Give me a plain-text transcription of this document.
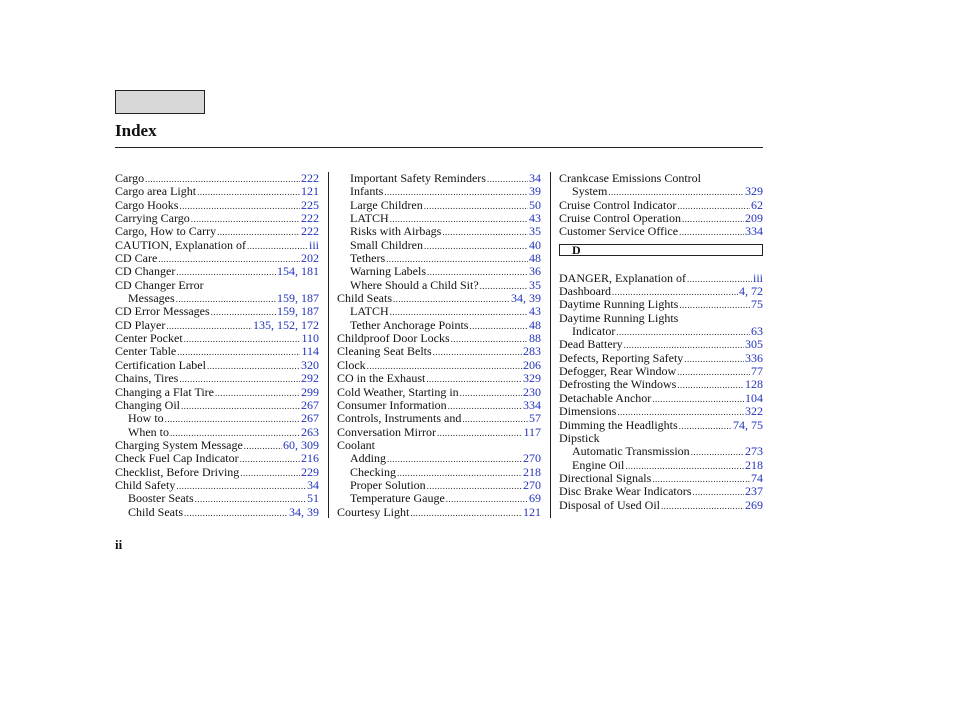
Index
Cargo .....	222
Cargo area Light .....	121
Cargo Hooks .....	225
Carrying Cargo .....	222
Cargo, How to Carry .....	222
CAUTION, Explanation of .....	iii
CD Care .....	202
CD Changer .....	154, 181
CD Changer Error
Messages .....	159, 187
CD Error Messages .....	159, 187
CD Player .....	135, 152, 172
Center Pocket .....	110
Center Table .....	114
Certification Label .....	320
Chains, Tires .....	292
Changing a Flat Tire .....	299
Changing Oil .....	267
How to .....	267
When to .....	263
Charging System Message .....	60, 309
Check Fuel Cap Indicator .....	216
Checklist, Before Driving .....	229
Child Safety .....	34
Booster Seats .....	51
Child Seats .....	34, 39
Important Safety Reminders .....	34
Infants .....	39
Large Children .....	50
LATCH .....	43
Risks with Airbags .....	35
Small Children .....	40
Tethers .....	48
Warning Labels .....	36
Where Should a Child Sit? .....	35
Child Seats .....	34, 39
LATCH .....	43
Tether Anchorage Points .....	48
Childproof Door Locks .....	88
Cleaning Seat Belts .....	283
Clock .....	206
CO in the Exhaust .....	329
Cold Weather, Starting in .....	230
Consumer Information .....	334
Controls, Instruments and .....	57
Conversation Mirror .....	117
Coolant
Adding .....	270
Checking .....	218
Proper Solution .....	270
Temperature Gauge .....	69
Courtesy Light .....	121
Crankcase Emissions Control
System .....	329
Cruise Control Indicator .....	62
Cruise Control Operation .....	209
Customer Service Office .....	334
D
DANGER, Explanation of .....	iii
Dashboard .....	4, 72
Daytime Running Lights .....	75
Daytime Running Lights
Indicator .....	63
Dead Battery .....	305
Defects, Reporting Safety .....	336
Defogger, Rear Window .....	77
Defrosting the Windows .....	128
Detachable Anchor .....	104
Dimensions .....	322
Dimming the Headlights .....	74, 75
Dipstick
Automatic Transmission .....	273
Engine Oil .....	218
Directional Signals .....	74
Disc Brake Wear Indicators .....	237
Disposal of Used Oil .....	269

ii
